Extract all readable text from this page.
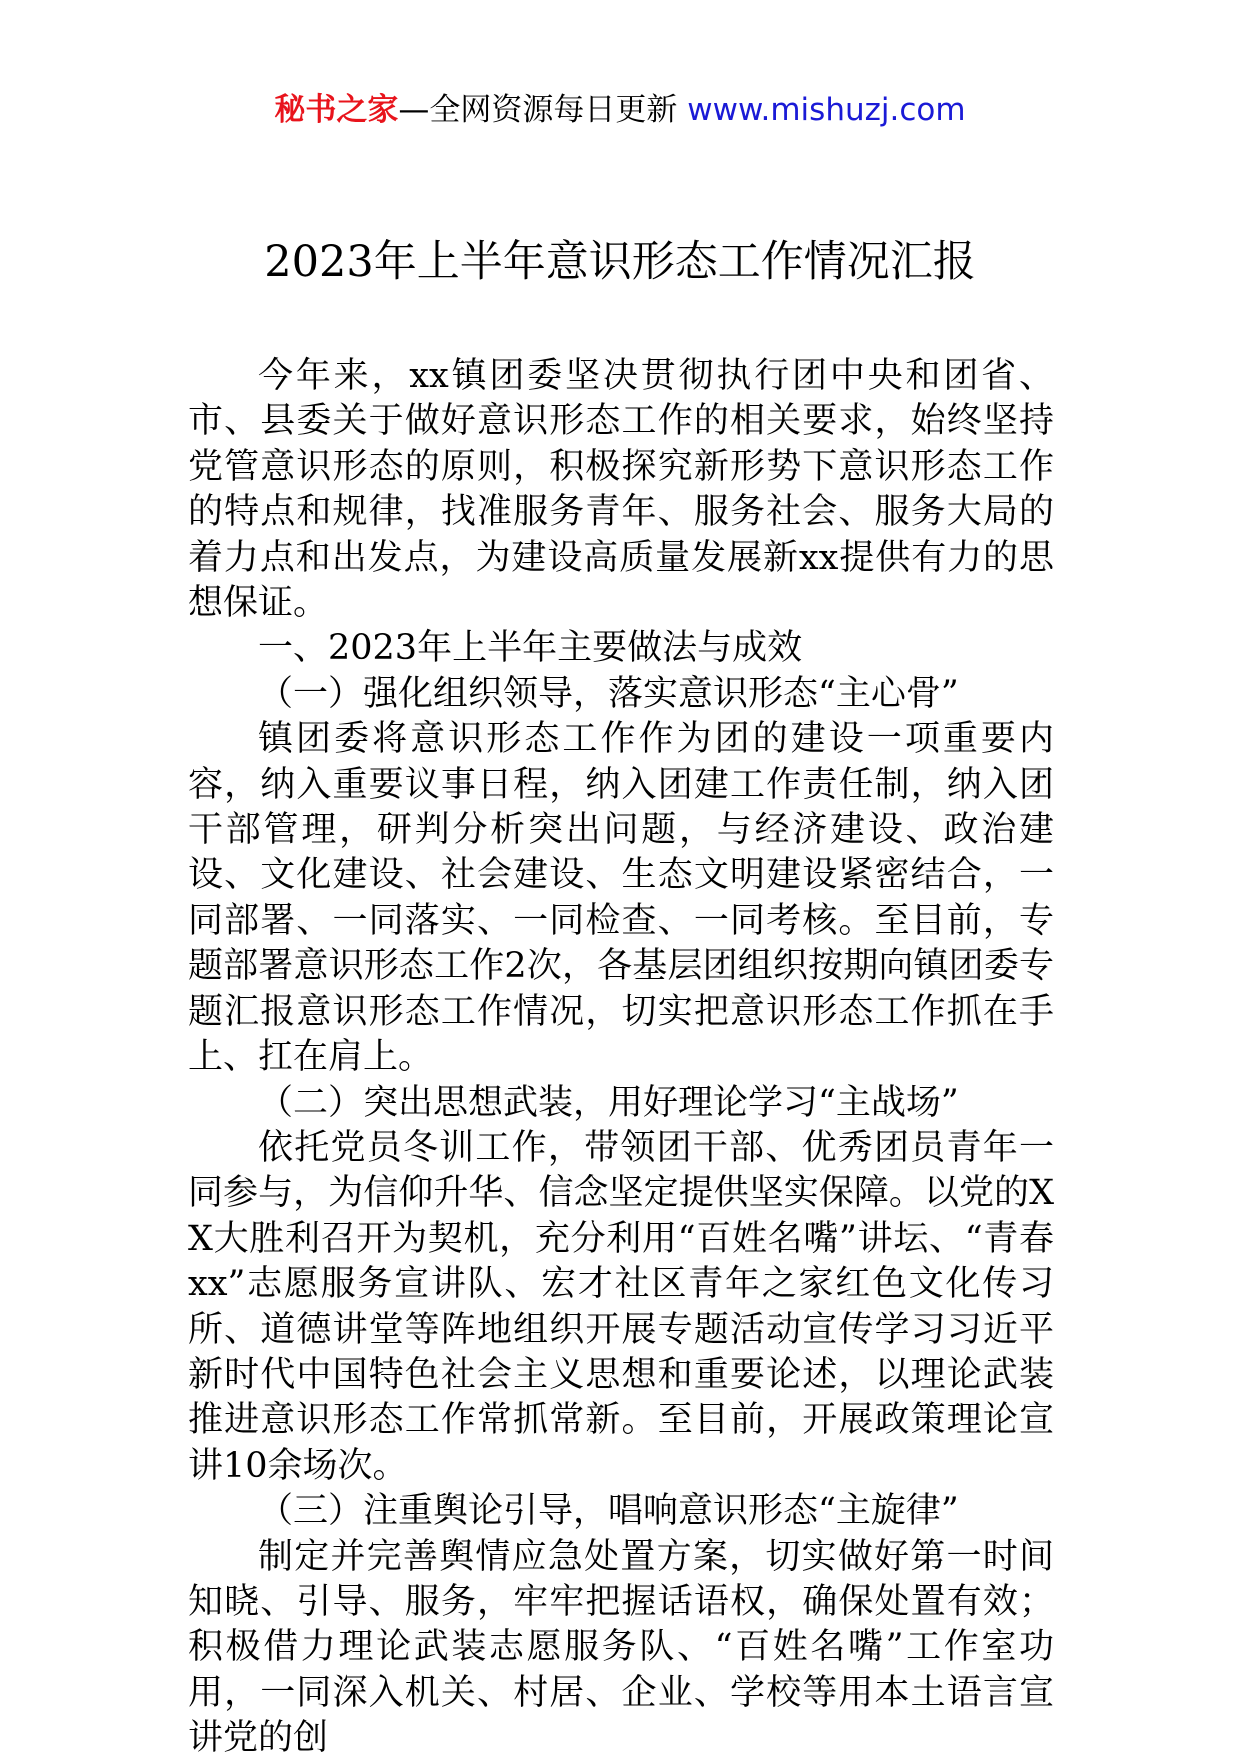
秘书之家—全网资源每日更新 www.mishuzj.com
2023年上半年意识形态工作情况汇报

今年来，xx镇团委坚决贯彻执行团中央和团省、市、县委关于做好意识形态工作的相关要求，始终坚持党管意识形态的原则，积极探究新形势下意识形态工作的特点和规律，找准服务青年、服务社会、服务大局的着力点和出发点，为建设高质量发展新xx提供有力的思想保证。

一、2023年上半年主要做法与成效

（一）强化组织领导，落实意识形态“主心骨”

镇团委将意识形态工作作为团的建设一项重要内容，纳入重要议事日程，纳入团建工作责任制，纳入团干部管理，研判分析突出问题，与经济建设、政治建设、文化建设、社会建设、生态文明建设紧密结合，一同部署、一同落实、一同检查、一同考核。至目前，专题部署意识形态工作2次，各基层团组织按期向镇团委专题汇报意识形态工作情况，切实把意识形态工作抓在手上、扛在肩上。

（二）突出思想武装，用好理论学习“主战场”

依托党员冬训工作，带领团干部、优秀团员青年一同参与，为信仰升华、信念坚定提供坚实保障。以党的XX大胜利召开为契机，充分利用“百姓名嘴”讲坛、“青春xx”志愿服务宣讲队、宏才社区青年之家红色文化传习所、道德讲堂等阵地组织开展专题活动宣传学习习近平新时代中国特色社会主义思想和重要论述，以理论武装推进意识形态工作常抓常新。至目前，开展政策理论宣讲10余场次。

（三）注重舆论引导，唱响意识形态“主旋律”

制定并完善舆情应急处置方案，切实做好第一时间知晓、引导、服务，牢牢把握话语权，确保处置有效；积极借力理论武装志愿服务队、“百姓名嘴”工作室功用，一同深入机关、村居、企业、学校等用本土语言宣讲党的创
